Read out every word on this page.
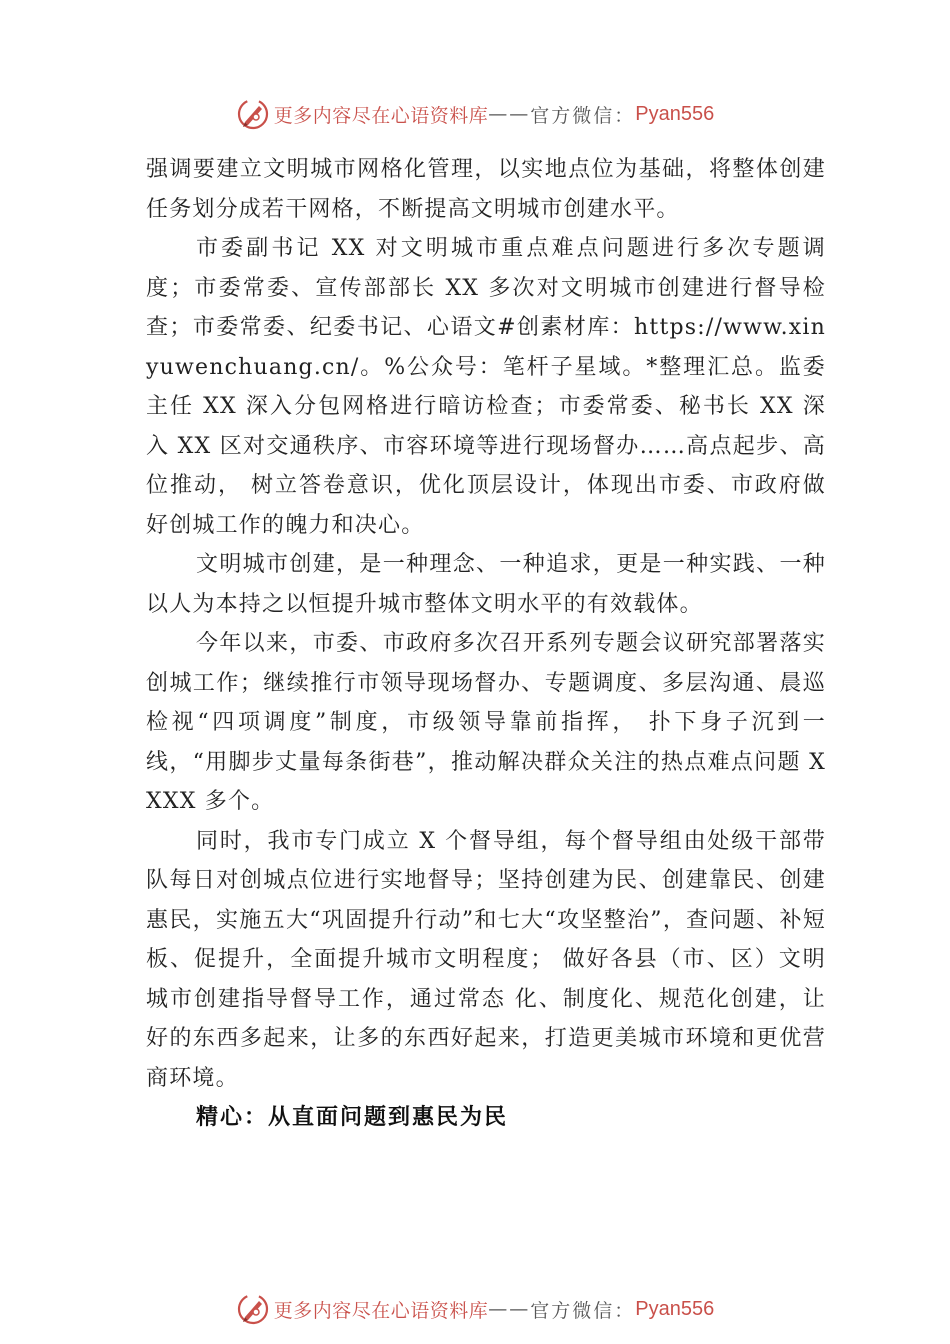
更多内容尽在心语资料库 —— 官方微信： Pyan556

强调要建立文明城市网格化管理，以实地点位为基础，将整体创建任务划分成若干网格，不断提高文明城市创建水平。

市委副书记 XX 对文明城市重点难点问题进行多次专题调度；市委常委、宣传部部长 XX 多次对文明城市创建进行督导检查；市委常委、纪委书记、心语文#创素材库：https://www.xinyuwenchuang.cn/。%公众号：笔杆子星域。*整理汇总。监委主任 XX 深入分包网格进行暗访检查；市委常委、秘书长 XX 深入 XX 区对交通秩序、市容环境等进行现场督办……高点起步、高位推动， 树立答卷意识，优化顶层设计，体现出市委、市政府做好创城工作的魄力和决心。

文明城市创建，是一种理念、一种追求，更是一种实践、一种以人为本持之以恒提升城市整体文明水平的有效载体。

今年以来，市委、市政府多次召开系列专题会议研究部署落实创城工作；继续推行市领导现场督办、专题调度、多层沟通、晨巡检视“四项调度”制度，市级领导靠前指挥， 扑下身子沉到一线，“用脚步丈量每条街巷”，推动解决群众关注的热点难点问题 XXXX 多个。

同时，我市专门成立 X 个督导组，每个督导组由处级干部带队每日对创城点位进行实地督导；坚持创建为民、创建靠民、创建惠民，实施五大“巩固提升行动”和七大“攻坚整治”，查问题、补短板、促提升，全面提升城市文明程度； 做好各县（市、区）文明城市创建指导督导工作，通过常态 化、制度化、规范化创建，让好的东西多起来，让多的东西好起来，打造更美城市环境和更优营商环境。

精心：从直面问题到惠民为民

更多内容尽在心语资料库 —— 官方微信： Pyan556
